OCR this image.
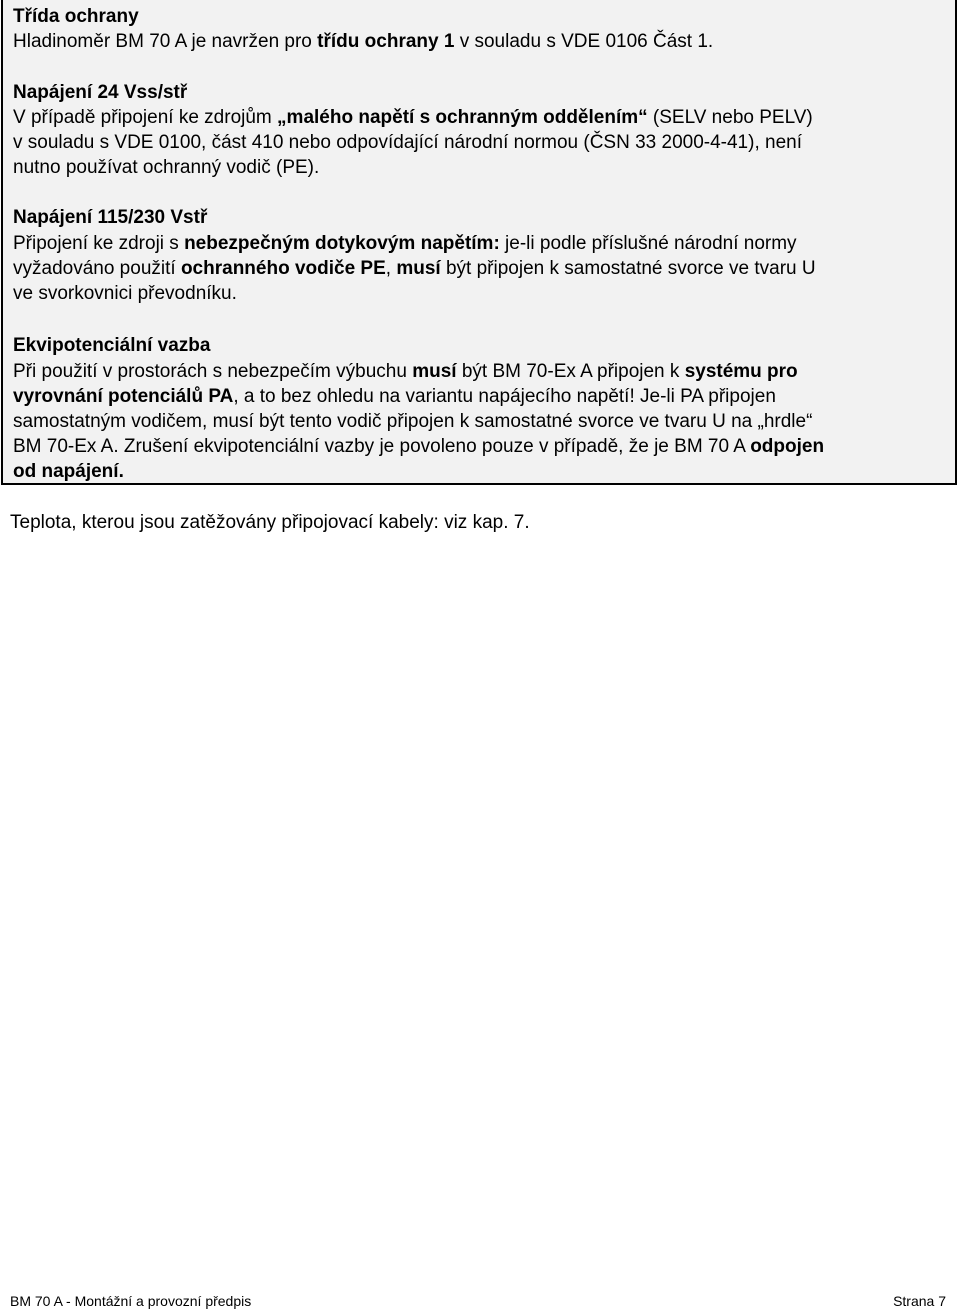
Třída ochrany
Hladinoměr BM 70 A je navržen pro třídu ochrany 1 v souladu s VDE 0106 Část 1.
Napájení 24 Vss/stř
V případě připojení ke zdrojům „malého napětí s ochranným oddělením“ (SELV nebo PELV)
v souladu s VDE 0100, část 410 nebo odpovídající národní normou (ČSN 33 2000-4-41), není
nutno používat ochranný vodič (PE).
Napájení 115/230 Vstř
Připojení ke zdroji s nebezpečným dotykovým napětím: je-li podle příslušné národní normy
vyžadováno použití ochranného vodiče PE, musí být připojen k samostatné svorce ve tvaru U
ve svorkovnici převodníku.
Ekvipotenciální vazba
Při použití v prostorách s nebezpečím výbuchu musí být BM 70-Ex A připojen k systému pro
vyrovnání potenciálů PA, a to bez ohledu na variantu napájecího napětí! Je-li PA připojen
samostatným vodičem, musí být tento vodič připojen k samostatné svorce ve tvaru U na „hrdle“
BM 70-Ex A. Zrušení ekvipotenciální vazby je povoleno pouze v případě, že je BM 70 A odpojen
od napájení.
Teplota, kterou jsou zatěžovány připojovací kabely: viz kap. 7.
BM 70 A - Montážní a provozní předpis	Strana 7
